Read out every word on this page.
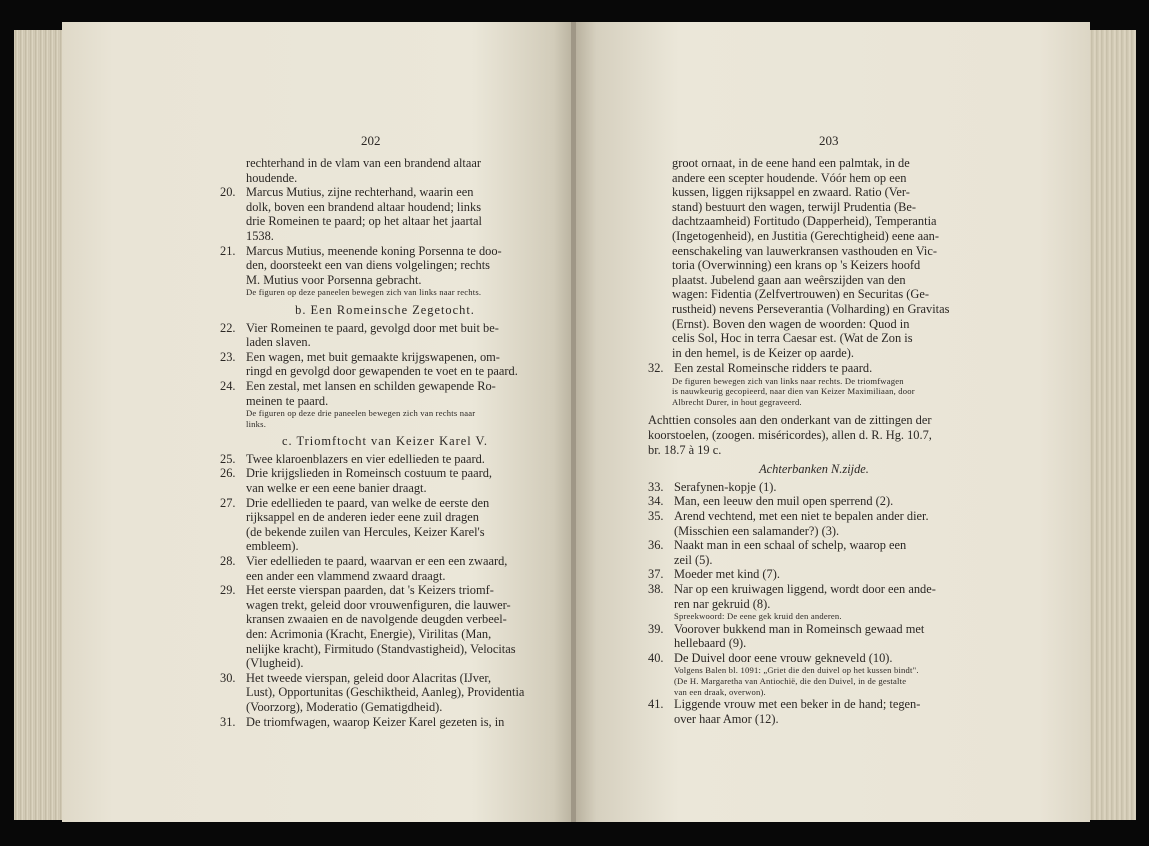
202

rechterhand in de vlam van een brandend altaar

houdende.

20. Marcus Mutius, zijne rechterhand, waarin een

dolk, boven een brandend altaar houdend; links

drie Romeinen te paard; op het altaar het jaartal

1538.

21. Marcus Mutius, meenende koning Porsenna te doo-

den, doorsteekt een van diens volgelingen; rechts

M. Mutius voor Porsenna gebracht.

De figuren op deze paneelen bewegen zich van links naar rechts.

b. Een Romeinsche Zegetocht.

22. Vier Romeinen te paard, gevolgd door met buit be-

laden slaven.

23. Een wagen, met buit gemaakte krijgswapenen, om-

ringd en gevolgd door gewapenden te voet en te paard.

24. Een zestal, met lansen en schilden gewapende Ro-

meinen te paard.

De figuren op deze drie paneelen bewegen zich van rechts naar

links.

c. Triomftocht van Keizer Karel V.

25. Twee klaroenblazers en vier edellieden te paard.

26. Drie krijgslieden in Romeinsch costuum te paard,

van welke er een eene banier draagt.

27. Drie edellieden te paard, van welke de eerste den

rijksappel en de anderen ieder eene zuil dragen

(de bekende zuilen van Hercules, Keizer Karel's

embleem).

28. Vier edellieden te paard, waarvan er een een zwaard,

een ander een vlammend zwaard draagt.

29. Het eerste vierspan paarden, dat 's Keizers triomf-

wagen trekt, geleid door vrouwenfiguren, die lauwer-

kransen zwaaien en de navolgende deugden verbeel-

den: Acrimonia (Kracht, Energie), Virilitas (Man,

nelijke kracht), Firmitudo (Standvastigheid), Velocitas

(Vlugheid).

30. Het tweede vierspan, geleid door Alacritas (IJver,

Lust), Opportunitas (Geschiktheid, Aanleg), Providentia

(Voorzorg), Moderatio (Gematigdheid).

31. De triomfwagen, waarop Keizer Karel gezeten is, in

203

groot ornaat, in de eene hand een palmtak, in de

andere een scepter houdende. Vóór hem op een

kussen, liggen rijksappel en zwaard. Ratio (Ver-

stand) bestuurt den wagen, terwijl Prudentia (Be-

dachtzaamheid) Fortitudo (Dapperheid), Temperantia

(Ingetogenheid), en Justitia (Gerechtigheid) eene aan-

eenschakeling van lauwerkransen vasthouden en Vic-

toria (Overwinning) een krans op 's Keizers hoofd

plaatst. Jubelend gaan aan weêrszijden van den

wagen: Fidentia (Zelfvertrouwen) en Securitas (Ge-

rustheid) nevens Perseverantia (Volharding) en Gravitas

(Ernst). Boven den wagen de woorden: Quod in

celis Sol, Hoc in terra Caesar est. (Wat de Zon is

in den hemel, is de Keizer op aarde).

32. Een zestal Romeinsche ridders te paard.

De figuren bewegen zich van links naar rechts. De triomfwagen

is nauwkeurig gecopieerd, naar dien van Keizer Maximiliaan, door

Albrecht Durer, in hout gegraveerd.

Achttien consoles aan den onderkant van de zittingen der

koorstoelen, (zoogen. miséricordes), allen d. R. Hg. 10.7,

br. 18.7 à 19 c.

Achterbanken N.zijde.

33. Serafynen-kopje (1).

34. Man, een leeuw den muil open sperrend (2).

35. Arend vechtend, met een niet te bepalen ander dier.

(Misschien een salamander?) (3).

36. Naakt man in een schaal of schelp, waarop een

zeil (5).

37. Moeder met kind (7).

38. Nar op een kruiwagen liggend, wordt door een ande-

ren nar gekruid (8).

Spreekwoord: De eene gek kruid den anderen.

39. Voorover bukkend man in Romeinsch gewaad met

hellebaard (9).

40. De Duivel door eene vrouw gekneveld (10).

Volgens Balen bl. 1091: „Griet die den duivel op het kussen bindt".

(De H. Margaretha van Antiochië, die den Duivel, in de gestalte

van een draak, overwon).

41. Liggende vrouw met een beker in de hand; tegen-

over haar Amor (12).
